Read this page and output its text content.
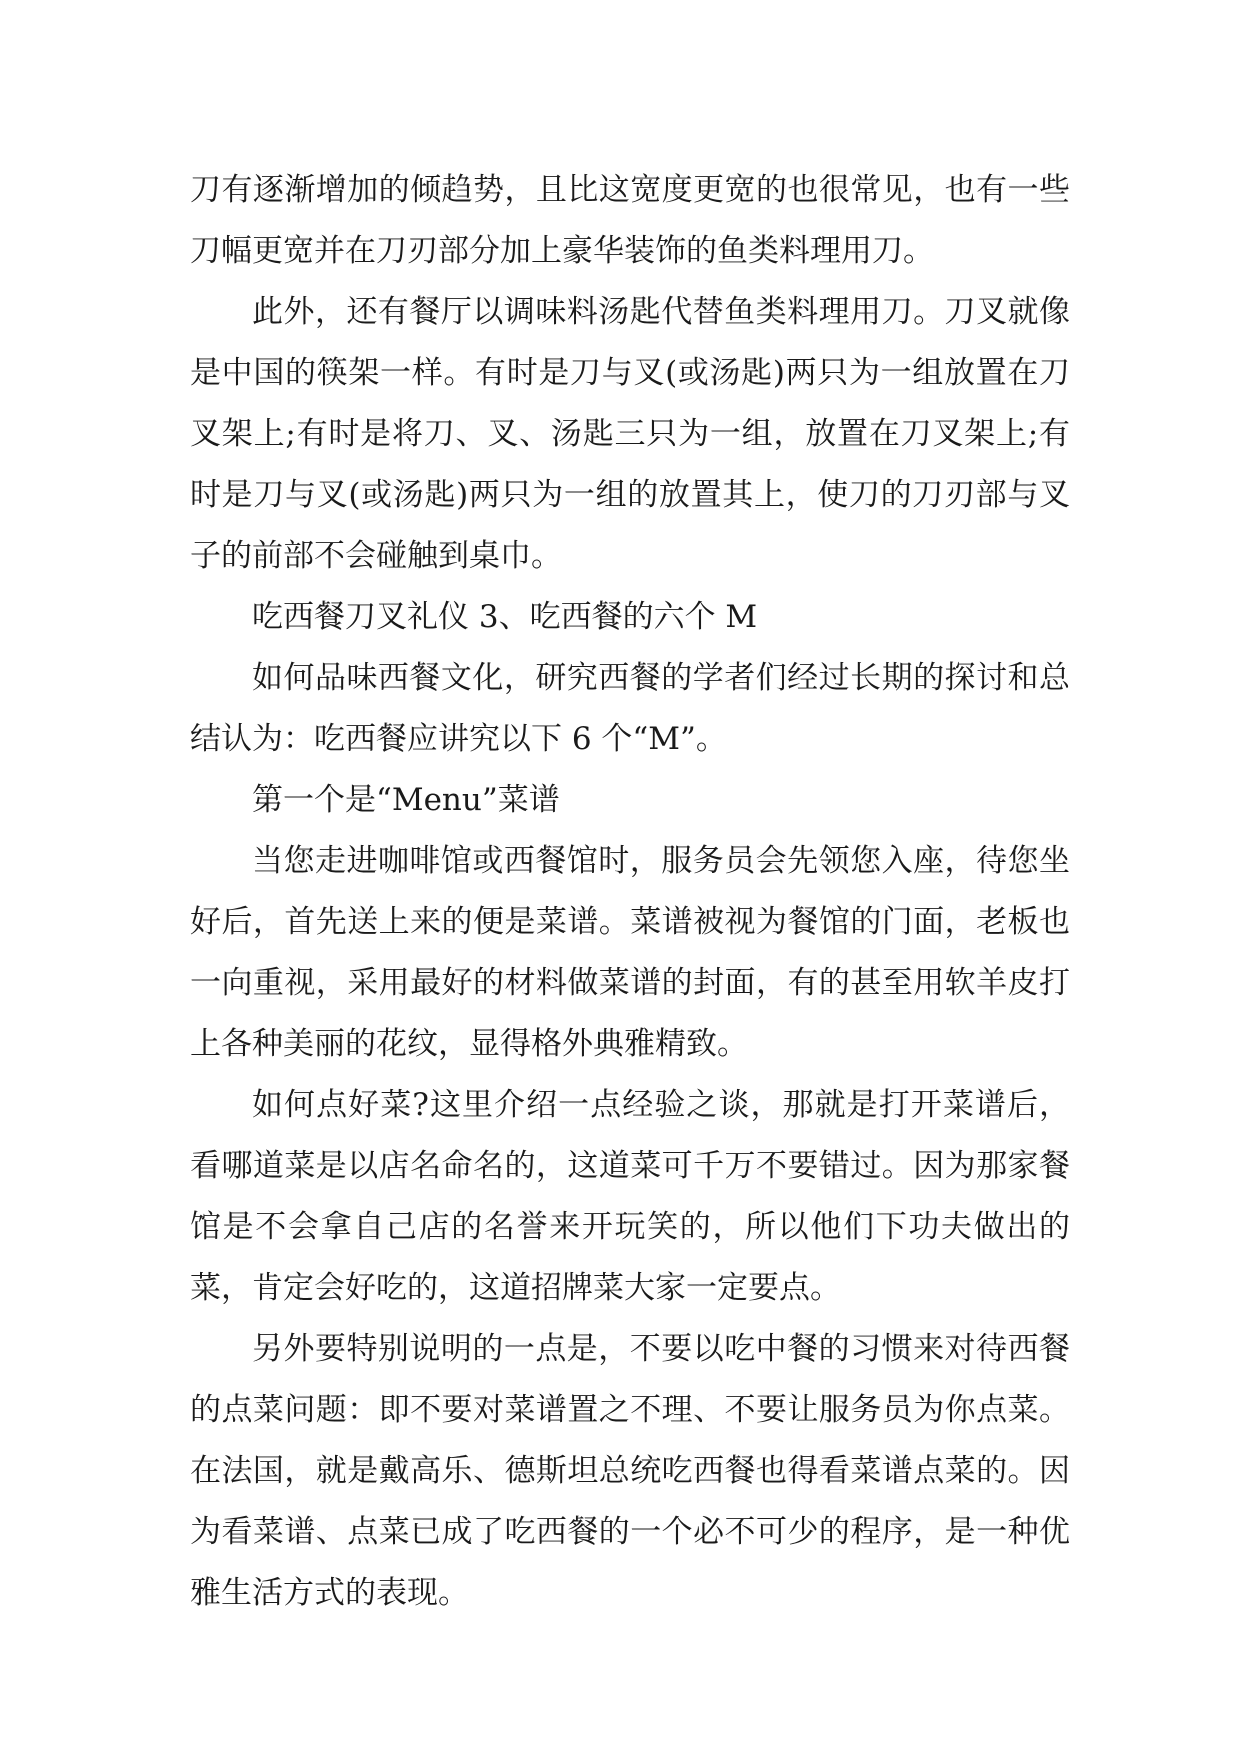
刀有逐渐增加的倾趋势，且比这宽度更宽的也很常见，也有一些刀幅更宽并在刀刃部分加上豪华装饰的鱼类料理用刀。

此外，还有餐厅以调味料汤匙代替鱼类料理用刀。刀叉就像是中国的筷架一样。有时是刀与叉(或汤匙)两只为一组放置在刀叉架上;有时是将刀、叉、汤匙三只为一组，放置在刀叉架上;有时是刀与叉(或汤匙)两只为一组的放置其上，使刀的刀刃部与叉子的前部不会碰触到桌巾。

吃西餐刀叉礼仪 3、吃西餐的六个 M

如何品味西餐文化，研究西餐的学者们经过长期的探讨和总结认为：吃西餐应讲究以下 6 个“M”。

第一个是“Menu”菜谱

当您走进咖啡馆或西餐馆时，服务员会先领您入座，待您坐好后，首先送上来的便是菜谱。菜谱被视为餐馆的门面，老板也一向重视，采用最好的材料做菜谱的封面，有的甚至用软羊皮打上各种美丽的花纹，显得格外典雅精致。

如何点好菜?这里介绍一点经验之谈，那就是打开菜谱后，看哪道菜是以店名命名的，这道菜可千万不要错过。因为那家餐馆是不会拿自己店的名誉来开玩笑的，所以他们下功夫做出的菜，肯定会好吃的，这道招牌菜大家一定要点。

另外要特别说明的一点是，不要以吃中餐的习惯来对待西餐的点菜问题：即不要对菜谱置之不理、不要让服务员为你点菜。在法国，就是戴高乐、德斯坦总统吃西餐也得看菜谱点菜的。因为看菜谱、点菜已成了吃西餐的一个必不可少的程序，是一种优雅生活方式的表现。
